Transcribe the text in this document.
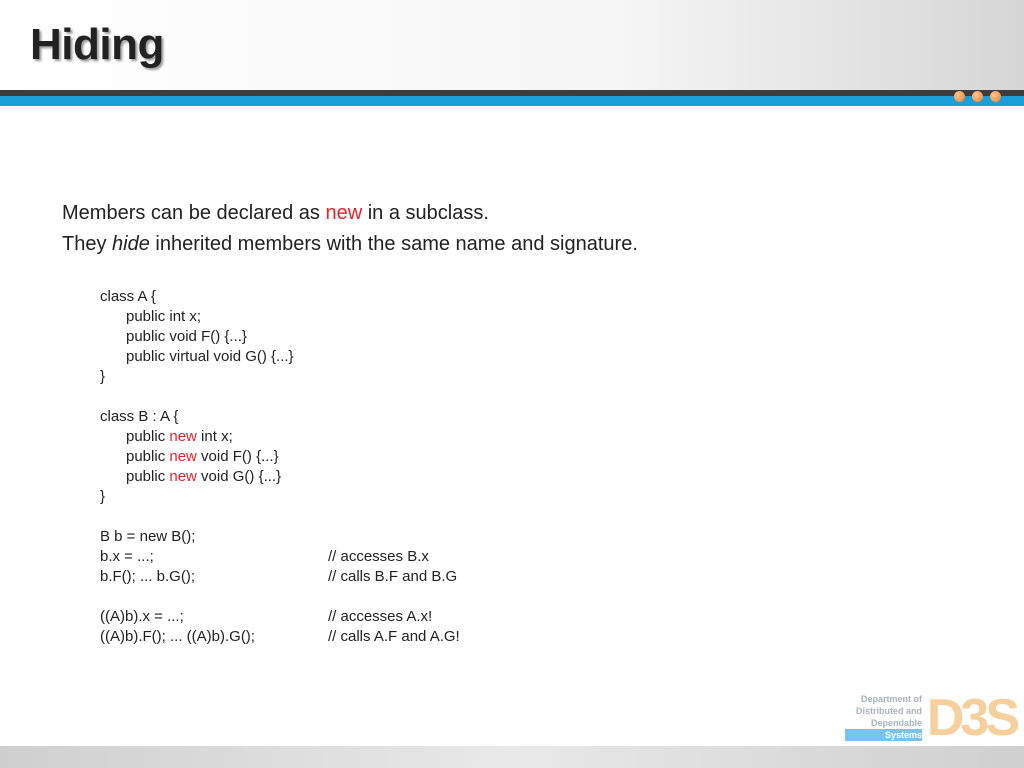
Hiding
Members can be declared as new in a subclass.
They hide inherited members with the same name and signature.
class A {
public int x;
public void F() {...}
public virtual void G() {...}
}
class B : A {
public new int x;
public new void F() {...}
public new void G() {...}
}
B b = new B();
b.x = ...;	// accesses B.x
b.F(); ... b.G();	// calls B.F and B.G
((A)b).x = ...;	// accesses A.x!
((A)b).F(); ... ((A)b).G();	// calls A.F and A.G!
Department of
Distributed and
Dependable
Systems D3S
